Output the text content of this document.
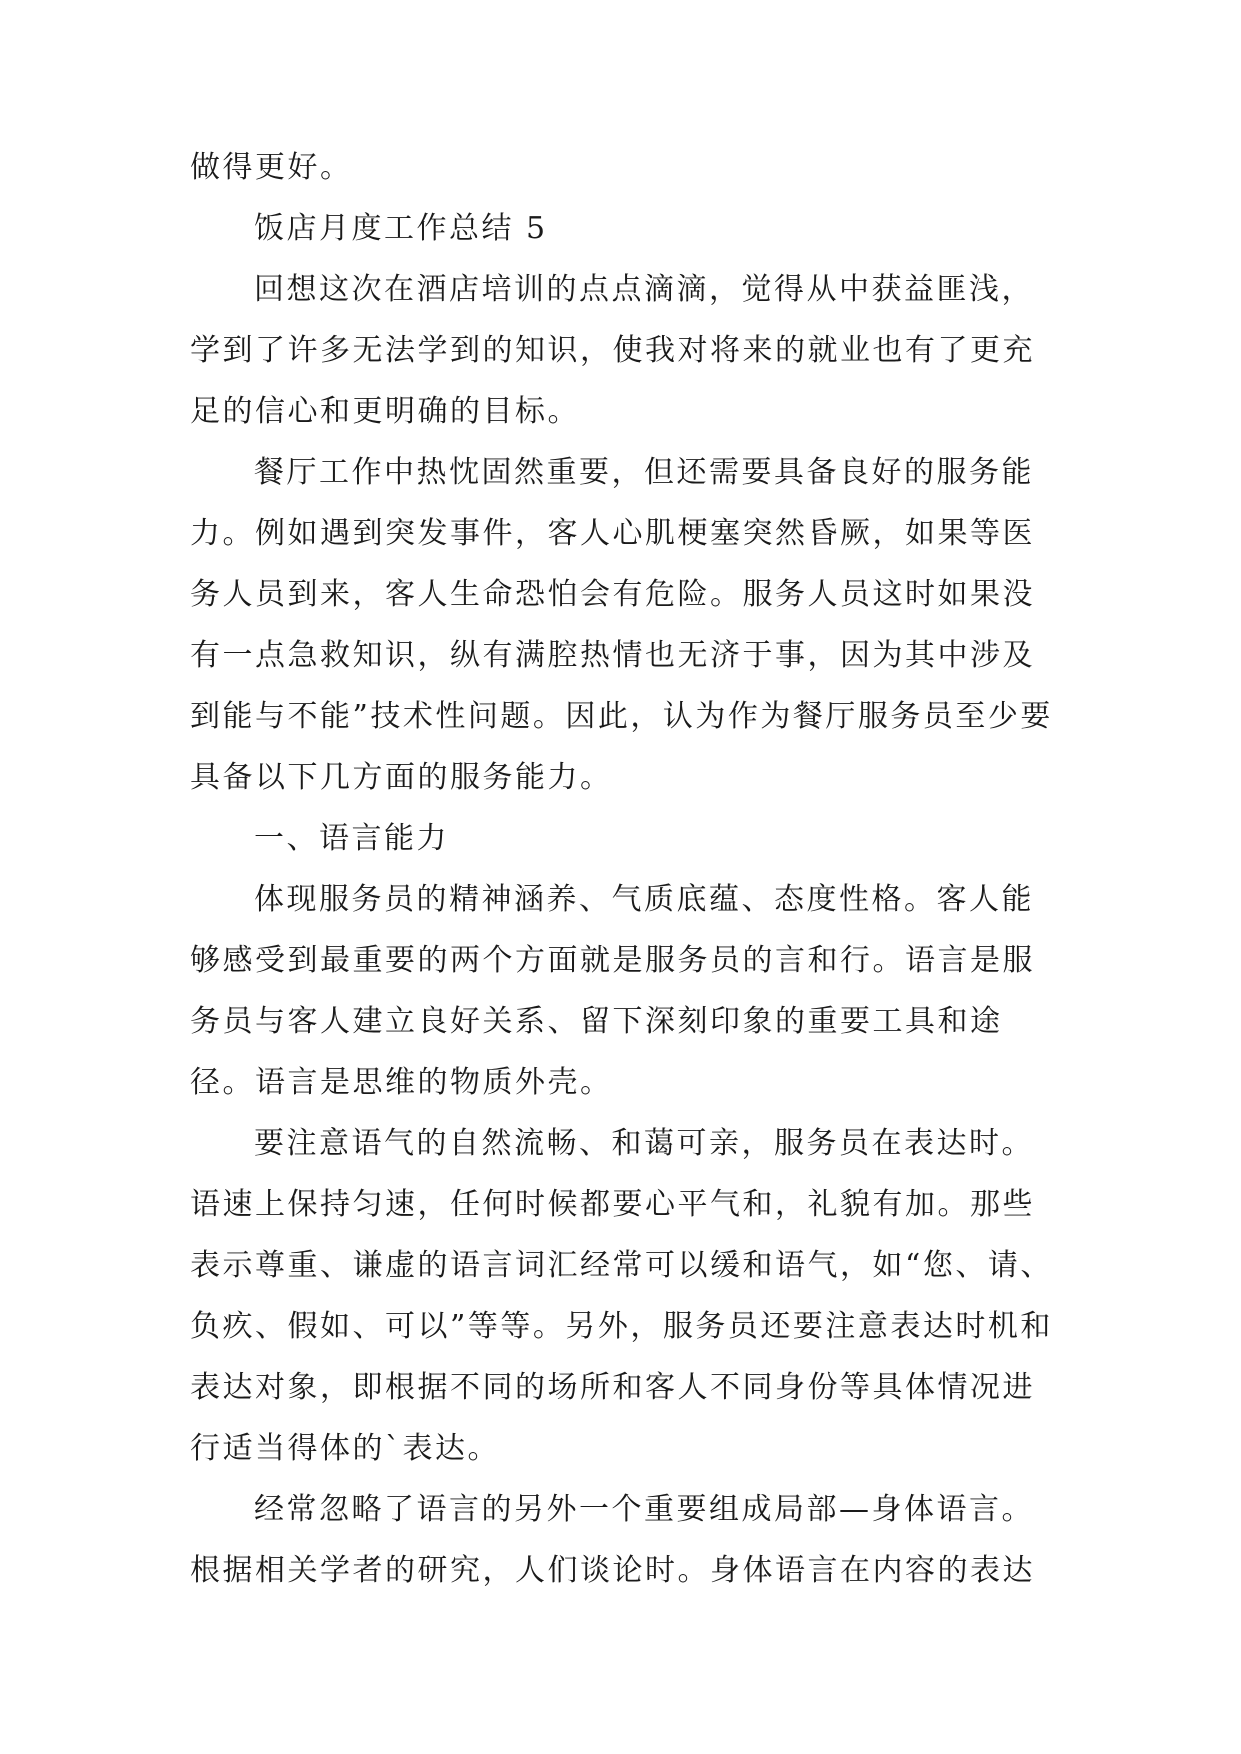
做得更好。

饭店月度工作总结 5

回想这次在酒店培训的点点滴滴，觉得从中获益匪浅，学到了许多无法学到的知识，使我对将来的就业也有了更充足的信心和更明确的目标。

餐厅工作中热忱固然重要，但还需要具备良好的服务能力。例如遇到突发事件，客人心肌梗塞突然昏厥，如果等医务人员到来，客人生命恐怕会有危险。服务人员这时如果没有一点急救知识，纵有满腔热情也无济于事，因为其中涉及到能与不能”技术性问题。因此，认为作为餐厅服务员至少要具备以下几方面的服务能力。

一、语言能力

体现服务员的精神涵养、气质底蕴、态度性格。客人能够感受到最重要的两个方面就是服务员的言和行。语言是服务员与客人建立良好关系、留下深刻印象的重要工具和途径。语言是思维的物质外壳。

要注意语气的自然流畅、和蔼可亲，服务员在表达时。语速上保持匀速，任何时候都要心平气和，礼貌有加。那些表示尊重、谦虚的语言词汇经常可以缓和语气，如“您、请、负疚、假如、可以”等等。另外，服务员还要注意表达时机和表达对象，即根据不同的场所和客人不同身份等具体情况进行适当得体的`表达。

经常忽略了语言的另外一个重要组成局部—身体语言。根据相关学者的研究，人们谈论时。身体语言在内容的表达
